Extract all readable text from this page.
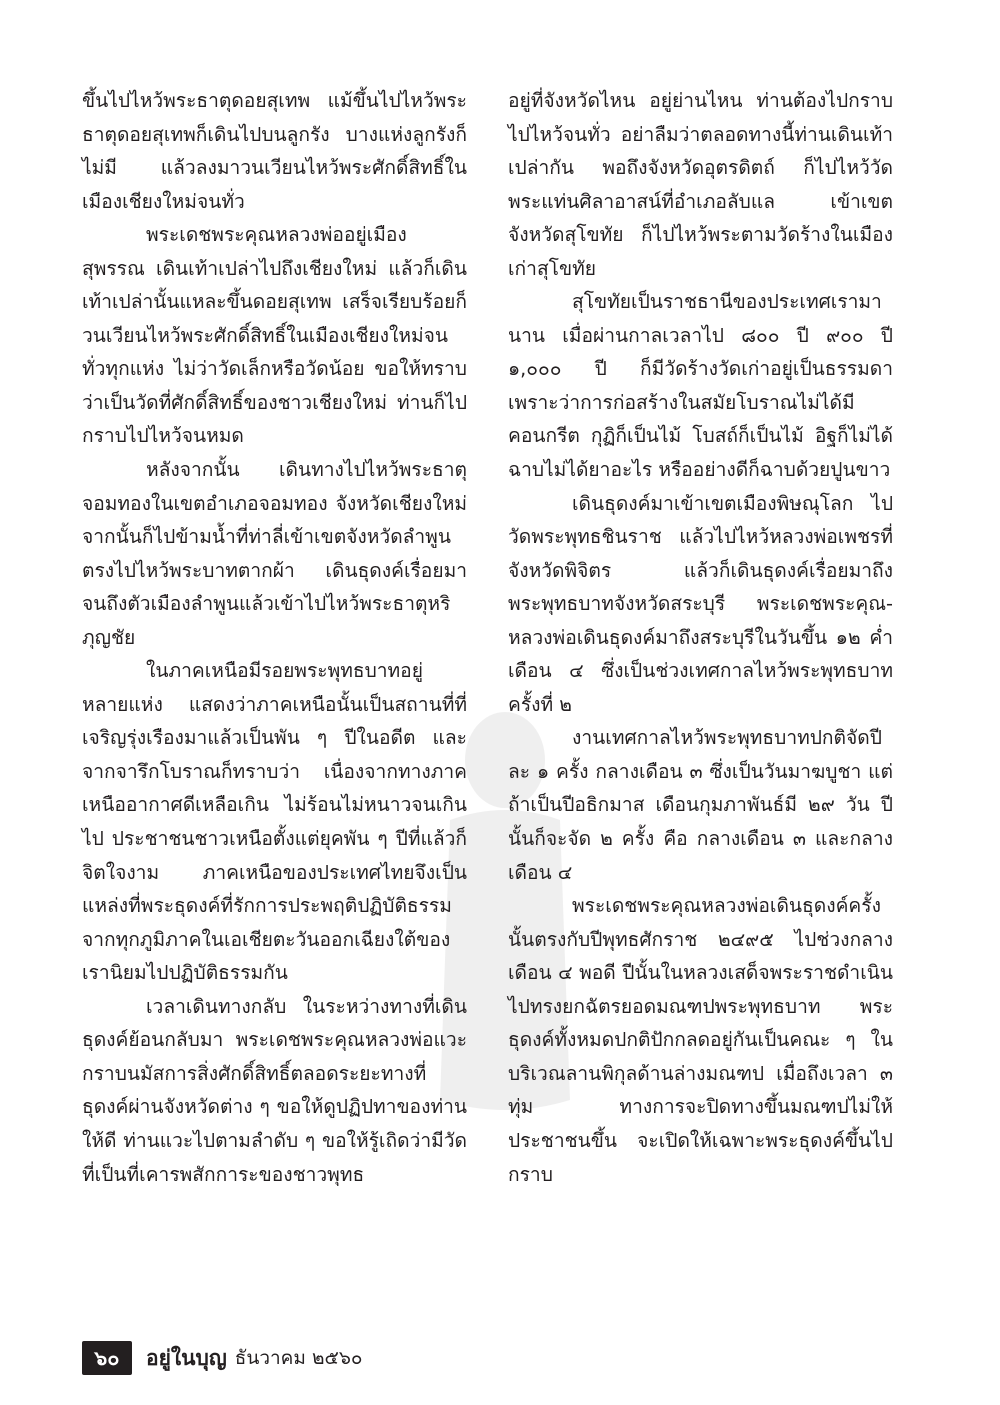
ขึ้นไปไหว้พระธาตุดอยสุเทพ แม้ขึ้นไปไหว้พระธาตุดอยสุเทพก็เดินไปบนลูกรัง บางแห่งลูกรังก็ไม่มี แล้วลงมาวนเวียนไหว้พระศักดิ์สิทธิ์ในเมืองเชียงใหม่จนทั่ว

พระเดชพระคุณหลวงพ่ออยู่เมืองสุพรรณ เดินเท้าเปล่าไปถึงเชียงใหม่ แล้วก็เดินเท้าเปล่านั้นแหละขึ้นดอยสุเทพ เสร็จเรียบร้อยก็วนเวียนไหว้พระศักดิ์สิทธิ์ในเมืองเชียงใหม่จนทั่วทุกแห่ง ไม่ว่าวัดเล็กหรือวัดน้อย ขอให้ทราบว่าเป็นวัดที่ศักดิ์สิทธิ์ของชาวเชียงใหม่ ท่านก็ไปกราบไปไหว้จนหมด

หลังจากนั้น เดินทางไปไหว้พระธาตุจอมทองในเขตอำเภอจอมทอง จังหวัดเชียงใหม่ จากนั้นก็ไปข้ามน้ำที่ท่าลี่เข้าเขตจังหวัดลำพูน ตรงไปไหว้พระบาทตากผ้า เดินธุดงค์เรื่อยมาจนถึงตัวเมืองลำพูนแล้วเข้าไปไหว้พระธาตุหริภุญชัย

ในภาคเหนือมีรอยพระพุทธบาทอยู่หลายแห่ง แสดงว่าภาคเหนือนั้นเป็นสถานที่ที่เจริญรุ่งเรืองมาแล้วเป็นพัน ๆ ปีในอดีต และจากจารึกโบราณก็ทราบว่า เนื่องจากทางภาคเหนืออากาศดีเหลือเกิน ไม่ร้อนไม่หนาวจนเกินไป ประชาชนชาวเหนือตั้งแต่ยุคพัน ๆ ปีที่แล้วก็จิตใจงาม ภาคเหนือของประเทศไทยจึงเป็นแหล่งที่พระธุดงค์ที่รักการประพฤติปฏิบัติธรรมจากทุกภูมิภาคในเอเชียตะวันออกเฉียงใต้ของเรานิยมไปปฏิบัติธรรมกัน

เวลาเดินทางกลับ ในระหว่างทางที่เดินธุดงค์ย้อนกลับมา พระเดชพระคุณหลวงพ่อแวะกราบนมัสการสิ่งศักดิ์สิทธิ์ตลอดระยะทางที่ธุดงค์ผ่านจังหวัดต่าง ๆ ขอให้ดูปฏิปทาของท่านให้ดี ท่านแวะไปตามลำดับ ๆ ขอให้รู้เถิดว่ามีวัดที่เป็นที่เคารพสักการะของชาวพุทธ

อยู่ที่จังหวัดไหน อยู่ย่านไหน ท่านต้องไปกราบไปไหว้จนทั่ว อย่าลืมว่าตลอดทางนี้ท่านเดินเท้าเปล่ากัน พอถึงจังหวัดอุตรดิตถ์ ก็ไปไหว้วัดพระแท่นศิลาอาสน์ที่อำเภอลับแล เข้าเขตจังหวัดสุโขทัย ก็ไปไหว้พระตามวัดร้างในเมืองเก่าสุโขทัย

สุโขทัยเป็นราชธานีของประเทศเรามานาน เมื่อผ่านกาลเวลาไป ๘๐๐ ปี ๙๐๐ ปี ๑,๐๐๐ ปี ก็มีวัดร้างวัดเก่าอยู่เป็นธรรมดา เพราะว่าการก่อสร้างในสมัยโบราณไม่ได้มีคอนกรีต กุฏิก็เป็นไม้ โบสถ์ก็เป็นไม้ อิฐก็ไม่ได้ฉาบไม่ได้ยาอะไร หรืออย่างดีก็ฉาบด้วยปูนขาว

เดินธุดงค์มาเข้าเขตเมืองพิษณุโลก ไปวัดพระพุทธชินราช แล้วไปไหว้หลวงพ่อเพชรที่จังหวัดพิจิตร แล้วก็เดินธุดงค์เรื่อยมาถึงพระพุทธบาทจังหวัดสระบุรี พระเดชพระคุณ-หลวงพ่อเดินธุดงค์มาถึงสระบุรีในวันขึ้น ๑๒ ค่ำ เดือน ๔ ซึ่งเป็นช่วงเทศกาลไหว้พระพุทธบาทครั้งที่ ๒

งานเทศกาลไหว้พระพุทธบาทปกติจัดปีละ ๑ ครั้ง กลางเดือน ๓ ซึ่งเป็นวันมาฆบูชา แต่ถ้าเป็นปีอธิกมาส เดือนกุมภาพันธ์มี ๒๙ วัน ปีนั้นก็จะจัด ๒ ครั้ง คือ กลางเดือน ๓ และกลางเดือน ๔

พระเดชพระคุณหลวงพ่อเดินธุดงค์ครั้งนั้นตรงกับปีพุทธศักราช ๒๔๙๕ ไปช่วงกลางเดือน ๔ พอดี ปีนั้นในหลวงเสด็จพระราชดำเนินไปทรงยกฉัตรยอดมณฑปพระพุทธบาท พระธุดงค์ทั้งหมดปกติปักกลดอยู่กันเป็นคณะ ๆ ในบริเวณลานพิกุลด้านล่างมณฑป เมื่อถึงเวลา ๓ ทุ่ม ทางการจะปิดทางขึ้นมณฑปไม่ให้ประชาชนขึ้น จะเปิดให้เฉพาะพระธุดงค์ขึ้นไปกราบ

๖๐	อยู่ในบุญ ธันวาคม ๒๕๖๐
